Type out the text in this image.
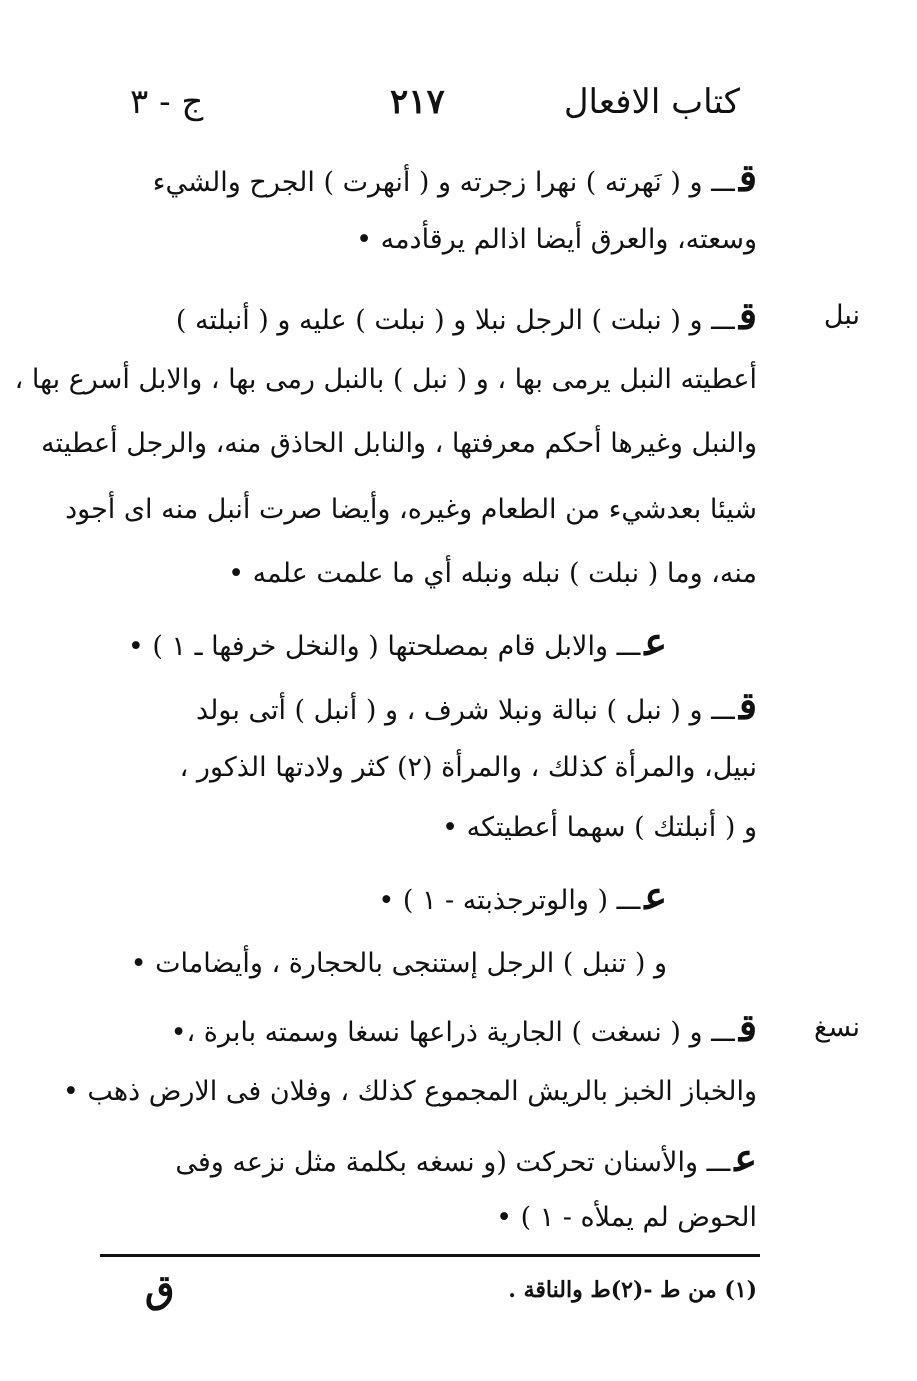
ج - ٣	٢١٧	كتاب الافعال
نبل
نسغ
قـــ و ( نَهرته ) نهرا زجرته و ( أنهرت ) الجرح والشيء
وسعته، والعرق أيضا اذالم يرقأدمه •
قـــ و ( نبلت ) الرجل نبلا و ( نبلت ) عليه و ( أنبلته )
أعطيته النبل يرمى بها ، و ( نبل ) بالنبل رمى بها ، والابل أسرع بها ،
والنبل وغيرها أحكم معرفتها ، والنابل الحاذق منه، والرجل أعطيته
شيئا بعدشيء من الطعام وغيره، وأيضا صرت أنبل منه اى أجود
منه، وما ( نبلت ) نبله ونبله أي ما علمت علمه •
عـــ والابل قام بمصلحتها ( والنخل خرفها ـ ١ ) •
قـــ و ( نبل ) نبالة ونبلا شرف ، و ( أنبل ) أتى بولد
نبيل، والمرأة كذلك ، والمرأة (٢) كثر ولادتها الذكور ،
و ( أنبلتك ) سهما أعطيتكه •
عـــ ( والوترجذبته - ١ ) •
و ( تنبل ) الرجل إستنجى بالحجارة ، وأيضامات •
قـــ و ( نسغت ) الجارية ذراعها نسغا وسمته بابرة ،•
والخباز الخبز بالريش المجموع كذلك ، وفلان فى الارض ذهب •
عـــ والأسنان تحركت (و نسغه بكلمة مثل نزعه وفى
الحوض لم يملأه - ١ ) •
(١) من ط -(٢)ط والناقة .
ق
